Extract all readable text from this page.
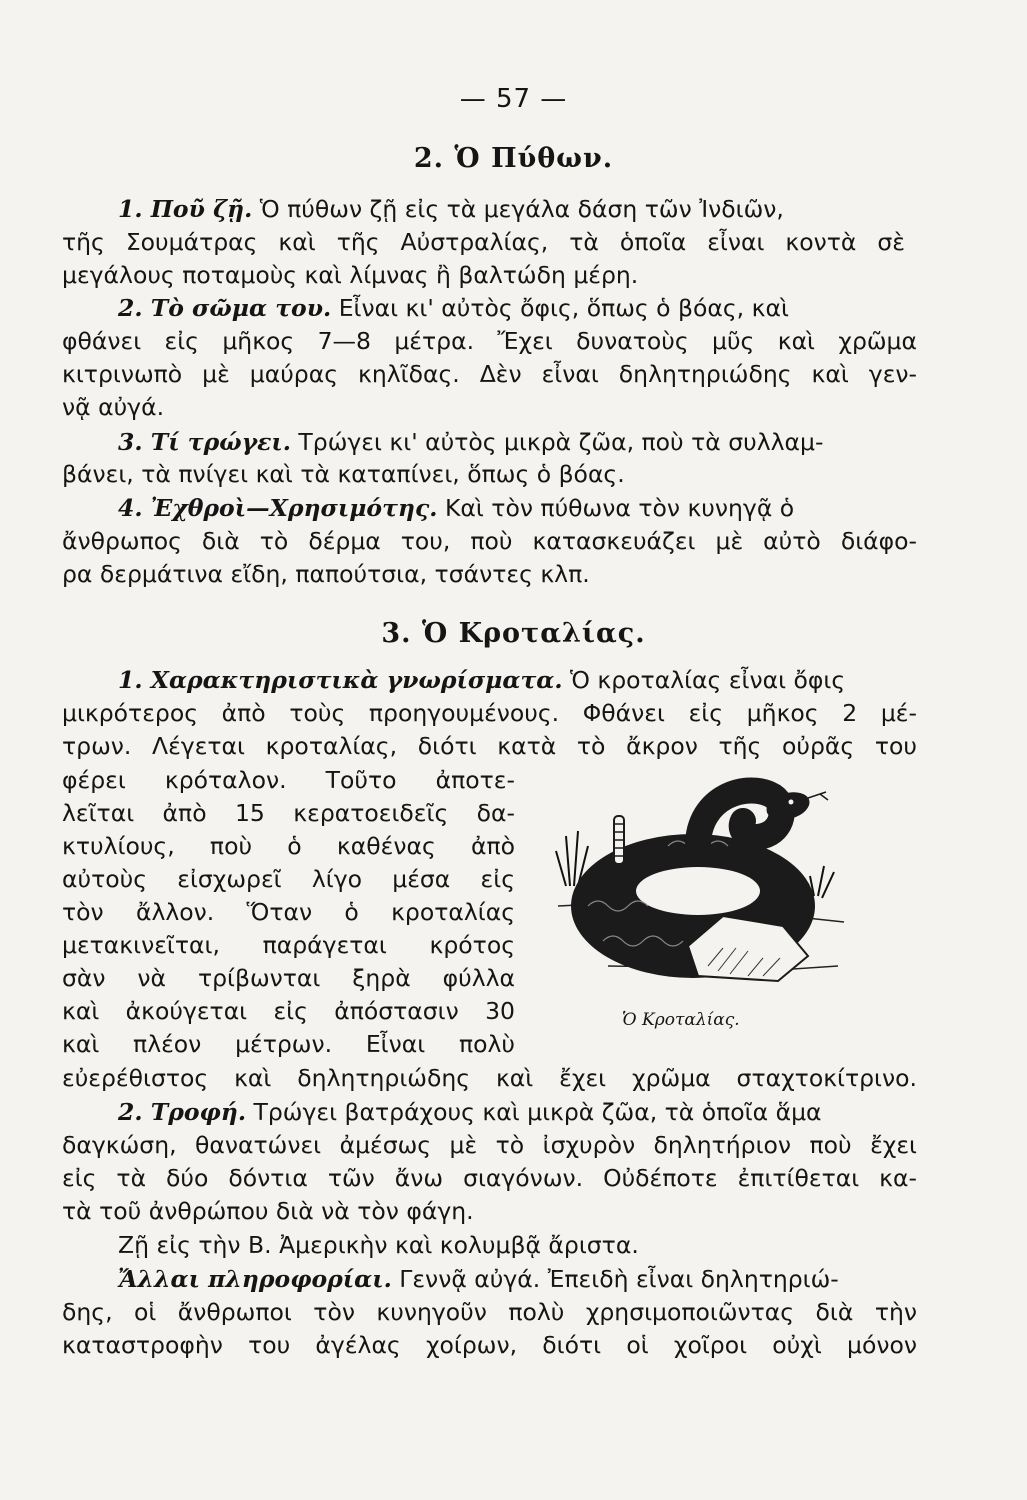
— 57 —
2. Ὁ Πύθων.
1. Ποῦ ζῇ. Ὁ πύθων ζῇ εἰς τὰ μεγάλα δάση τῶν Ἰνδιῶν,
τῆς Σουμάτρας καὶ τῆς Αὐστραλίας, τὰ ὁποῖα εἶναι κοντὰ σὲ
μεγάλους ποταμοὺς καὶ λίμνας ἢ βαλτώδη μέρη.
2. Τὸ σῶμα του. Εἶναι κι' αὐτὸς ὄφις, ὅπως ὁ βόας, καὶ
φθάνει εἰς μῆκος 7—8 μέτρα. Ἔχει δυνατοὺς μῦς καὶ χρῶμα
κιτρινωπὸ μὲ μαύρας κηλῖδας. Δὲν εἶναι δηλητηριώδης καὶ γεν-
νᾷ αὐγά.
3. Τί τρώγει. Τρώγει κι' αὐτὸς μικρὰ ζῶα, ποὺ τὰ συλλαμ-
βάνει, τὰ πνίγει καὶ τὰ καταπίνει, ὅπως ὁ βόας.
4. Ἐχθροὶ—Χρησιμότης. Καὶ τὸν πύθωνα τὸν κυνηγᾷ ὁ
ἄνθρωπος διὰ τὸ δέρμα του, ποὺ κατασκευάζει μὲ αὐτὸ διάφο-
ρα δερμάτινα εἴδη, παπούτσια, τσάντες κλπ.
3. Ὁ Κροταλίας.
1. Χαρακτηριστικὰ γνωρίσματα. Ὁ κροταλίας εἶναι ὄφις
μικρότερος ἀπὸ τοὺς προηγουμένους. Φθάνει εἰς μῆκος 2 μέ-
τρων. Λέγεται κροταλίας, διότι κατὰ τὸ ἄκρον τῆς οὐρᾶς του
φέρει κρόταλον. Τοῦτο ἀποτε-
λεῖται ἀπὸ 15 κερατοειδεῖς δα-
κτυλίους, ποὺ ὁ καθένας ἀπὸ
αὐτοὺς εἰσχωρεῖ λίγο μέσα εἰς
τὸν ἄλλον. Ὅταν ὁ κροταλίας
μετακινεῖται, παράγεται κρότος
σὰν νὰ τρίβωνται ξηρὰ φύλλα
καὶ ἀκούγεται εἰς ἀπόστασιν 30
καὶ πλέον μέτρων. Εἶναι πολὺ
εὐερέθιστος καὶ δηλητηριώδης καὶ ἔχει χρῶμα σταχτοκίτρινο.
Ὁ Κροταλίας.
2. Τροφή. Τρώγει βατράχους καὶ μικρὰ ζῶα, τὰ ὁποῖα ἅμα
δαγκώση, θανατώνει ἀμέσως μὲ τὸ ἰσχυρὸν δηλητήριον ποὺ ἔχει
εἰς τὰ δύο δόντια τῶν ἄνω σιαγόνων. Οὐδέποτε ἐπιτίθεται κα-
τὰ τοῦ ἀνθρώπου διὰ νὰ τὸν φάγη.
Ζῇ εἰς τὴν Β. Ἀμερικὴν καὶ κολυμβᾷ ἄριστα.
Ἄλλαι πληροφορίαι. Γεννᾷ αὐγά. Ἐπειδὴ εἶναι δηλητηριώ-
δης, οἱ ἄνθρωποι τὸν κυνηγοῦν πολὺ χρησιμοποιῶντας διὰ τὴν
καταστροφὴν του ἀγέλας χοίρων, διότι οἱ χοῖροι οὐχὶ μόνον
